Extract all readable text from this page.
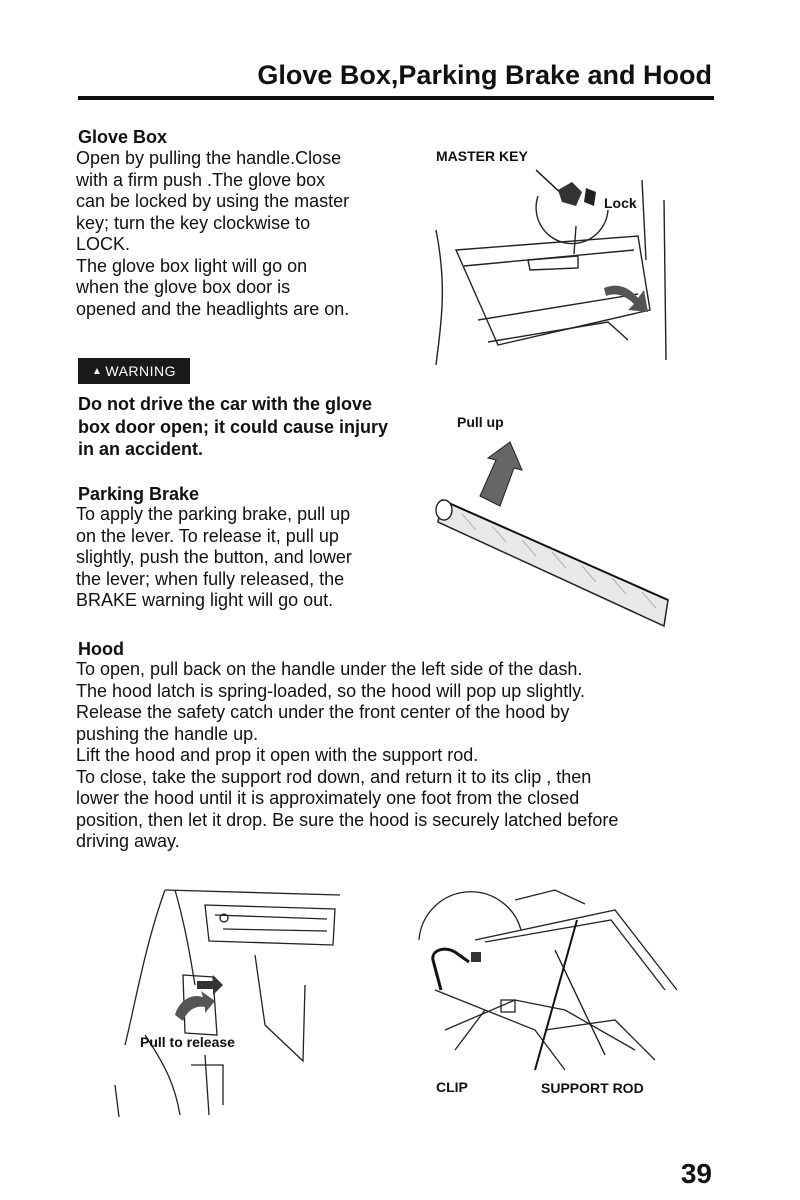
Glove Box,Parking Brake and Hood
Glove Box
Open by pulling the handle.Close
with a firm push .The glove box
can be locked by using the master
key; turn the key clockwise to
LOCK.
The glove box light will go on
when the glove box door is
opened and the headlights are on.
▲ WARNING
Do not drive the car with the glove
box door open; it could cause injury
in an accident.
Parking Brake
To apply the parking brake, pull up
on the lever. To release it, pull up
slightly, push the button, and lower
the lever; when fully released, the
BRAKE warning light will go out.
Hood
To open, pull back on the handle under the left side of the dash.
The hood latch is spring-loaded, so the hood will pop up slightly.
Release the safety catch under the front center of the hood by
pushing the handle up.
Lift the hood and prop it open with the support rod.
To close, take the support rod down, and return it to its clip , then
lower the hood until it is approximately one foot from the closed
position, then let it drop. Be sure the hood is securely latched before
driving away.
MASTER KEY
Lock
Pull up
Pull to release
CLIP	SUPPORT ROD
39
